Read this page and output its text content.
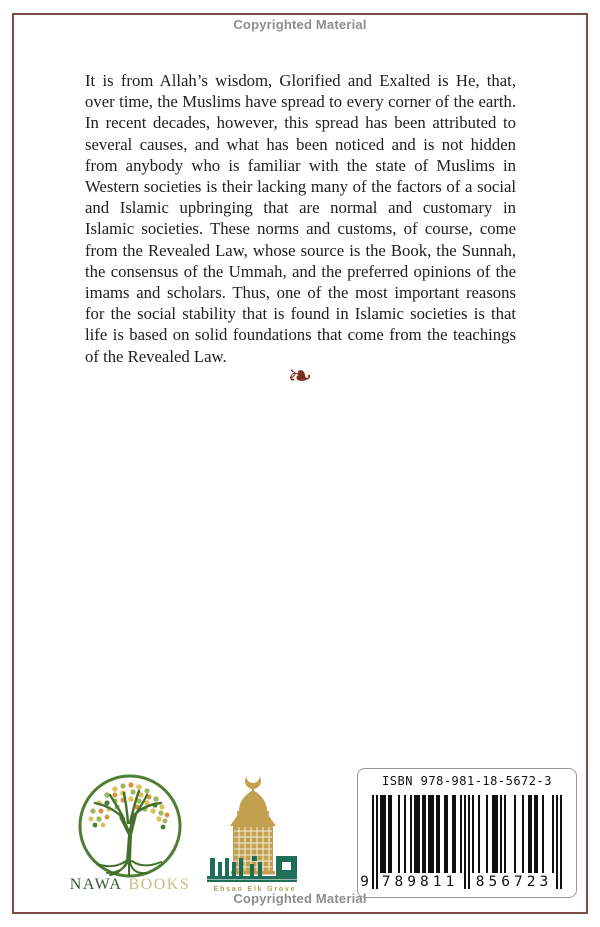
Copyrighted Material
It is from Allah’s wisdom, Glorified and Exalted is He, that, over time, the Muslims have spread to every corner of the earth. In recent decades, however, this spread has been attributed to several causes, and what has been noticed and is not hidden from anybody who is familiar with the state of Muslims in Western societies is their lacking many of the factors of a social and Islamic upbringing that are normal and customary in Islamic societies. These norms and customs, of course, come from the Revealed Law, whose source is the Book, the Sunnah, the consensus of the Ummah, and the preferred opinions of the imams and scholars. Thus, one of the most important reasons for the social stability that is found in Islamic societies is that life is based on solid foundations that come from the teachings of the Revealed Law.
❧
NAWA BOOKS	Ehsan Elk Grove
ISBN 978-981-18-5672-3
9 789811 856723
Copyrighted Material
